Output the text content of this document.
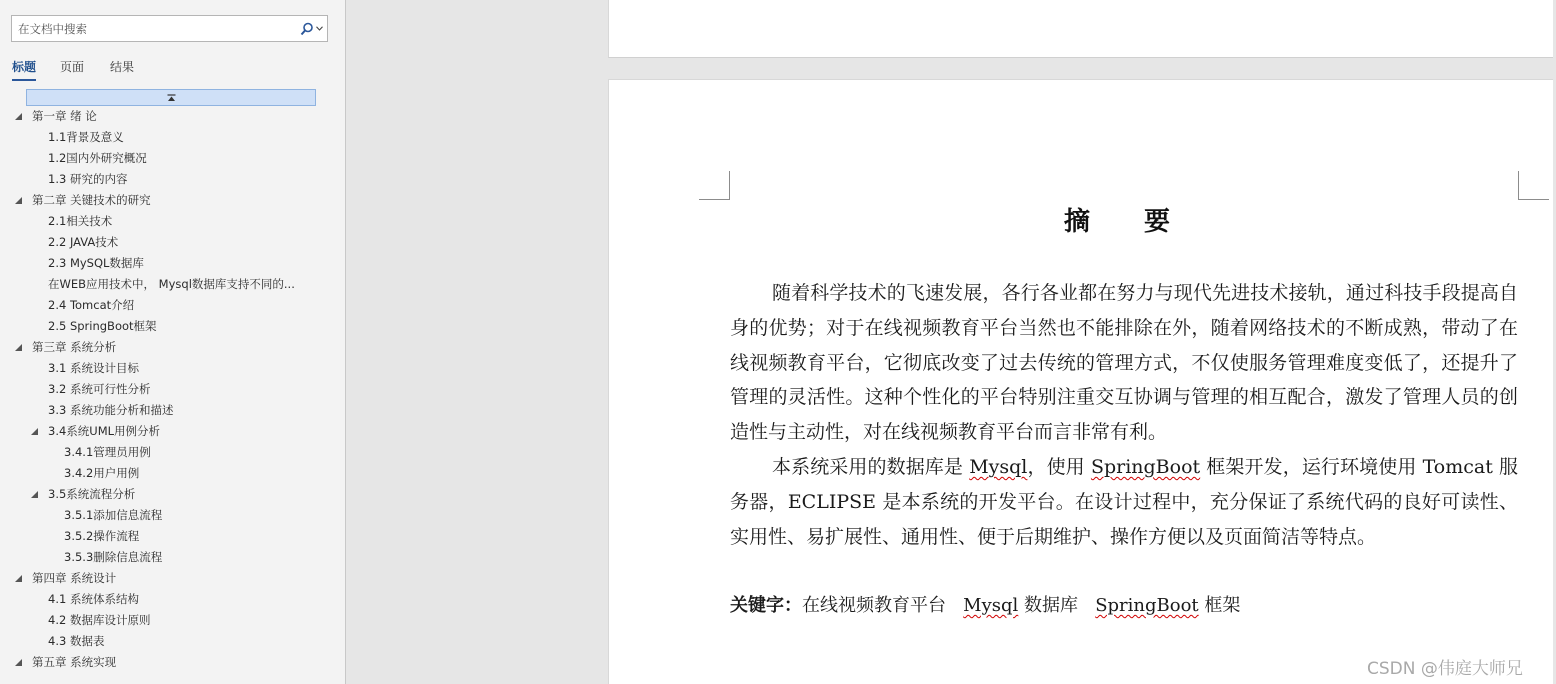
在文档中搜索
标题 页面 结果
第一章 绪 论
1.1背景及意义
1.2国内外研究概况
1.3 研究的内容
第二章 关键技术的研究
2.1相关技术
2.2 JAVA技术
2.3 MySQL数据库
在WEB应用技术中， Mysql数据库支持不同的...
2.4 Tomcat介绍
2.5 SpringBoot框架
第三章 系统分析
3.1 系统设计目标
3.2 系统可行性分析
3.3 系统功能分析和描述
3.4系统UML用例分析
3.4.1管理员用例
3.4.2用户用例
3.5系统流程分析
3.5.1添加信息流程
3.5.2操作流程
3.5.3删除信息流程
第四章 系统设计
4.1 系统体系结构
4.2 数据库设计原则
4.3 数据表
第五章 系统实现
摘　要
随着科学技术的飞速发展，各行各业都在努力与现代先进技术接轨，通过科技手段提高自身的优势；对于在线视频教育平台当然也不能排除在外，随着网络技术的不断成熟，带动了在线视频教育平台，它彻底改变了过去传统的管理方式，不仅使服务管理难度变低了，还提升了管理的灵活性。这种个性化的平台特别注重交互协调与管理的相互配合，激发了管理人员的创造性与主动性，对在线视频教育平台而言非常有利。
本系统采用的数据库是 Mysql，使用 SpringBoot 框架开发，运行环境使用 Tomcat 服务器，ECLIPSE 是本系统的开发平台。在设计过程中，充分保证了系统代码的良好可读性、实用性、易扩展性、通用性、便于后期维护、操作方便以及页面简洁等特点。
关键字：在线视频教育平台 Mysql 数据库 SpringBoot 框架
CSDN @伟庭大师兄
